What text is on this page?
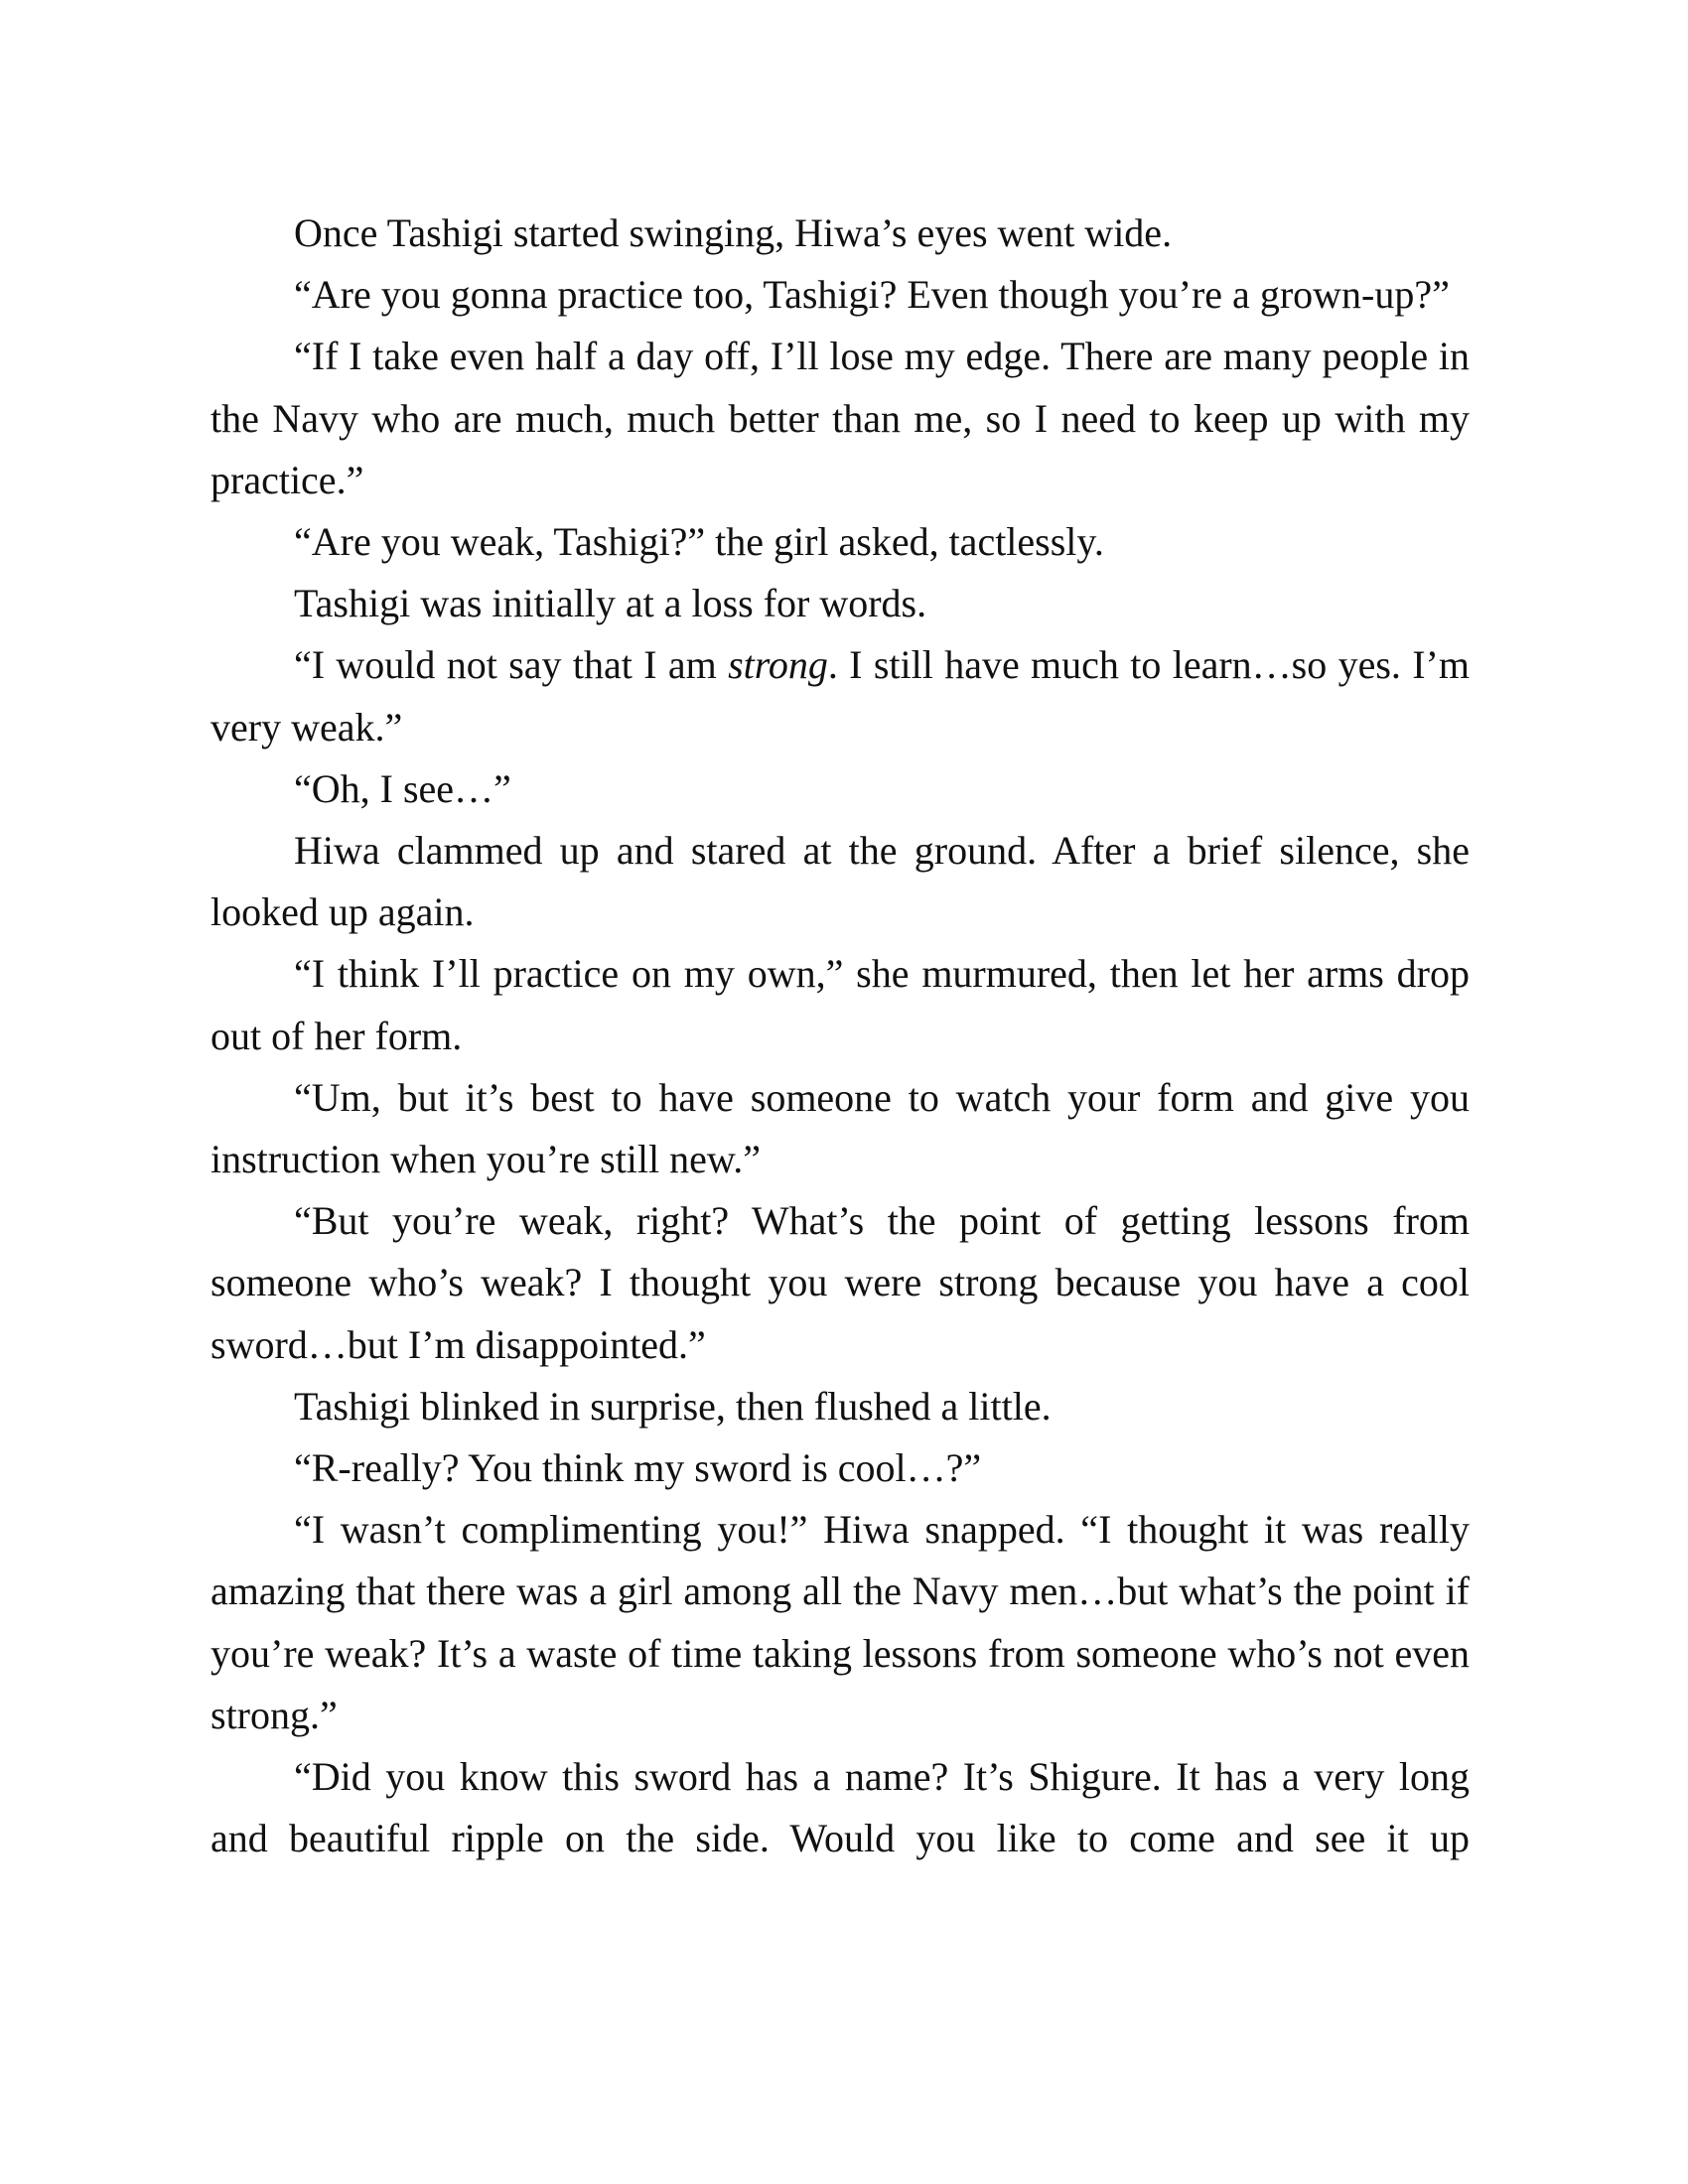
Once Tashigi started swinging, Hiwa’s eyes went wide.

“Are you gonna practice too, Tashigi? Even though you’re a grown-up?”

“If I take even half a day off, I’ll lose my edge. There are many people in the Navy who are much, much better than me, so I need to keep up with my practice.”

“Are you weak, Tashigi?” the girl asked, tactlessly.

Tashigi was initially at a loss for words.

“I would not say that I am strong. I still have much to learn…so yes. I’m very weak.”

“Oh, I see…”

Hiwa clammed up and stared at the ground. After a brief silence, she looked up again.

“I think I’ll practice on my own,” she murmured, then let her arms drop out of her form.

“Um, but it’s best to have someone to watch your form and give you instruction when you’re still new.”

“But you’re weak, right? What’s the point of getting lessons from someone who’s weak? I thought you were strong because you have a cool sword…but I’m disappointed.”

Tashigi blinked in surprise, then flushed a little.

“R-really? You think my sword is cool…?”

“I wasn’t complimenting you!” Hiwa snapped. “I thought it was really amazing that there was a girl among all the Navy men…but what’s the point if you’re weak? It’s a waste of time taking lessons from someone who’s not even strong.”

“Did you know this sword has a name? It’s Shigure. It has a very long and beautiful ripple on the side. Would you like to come and see it up
